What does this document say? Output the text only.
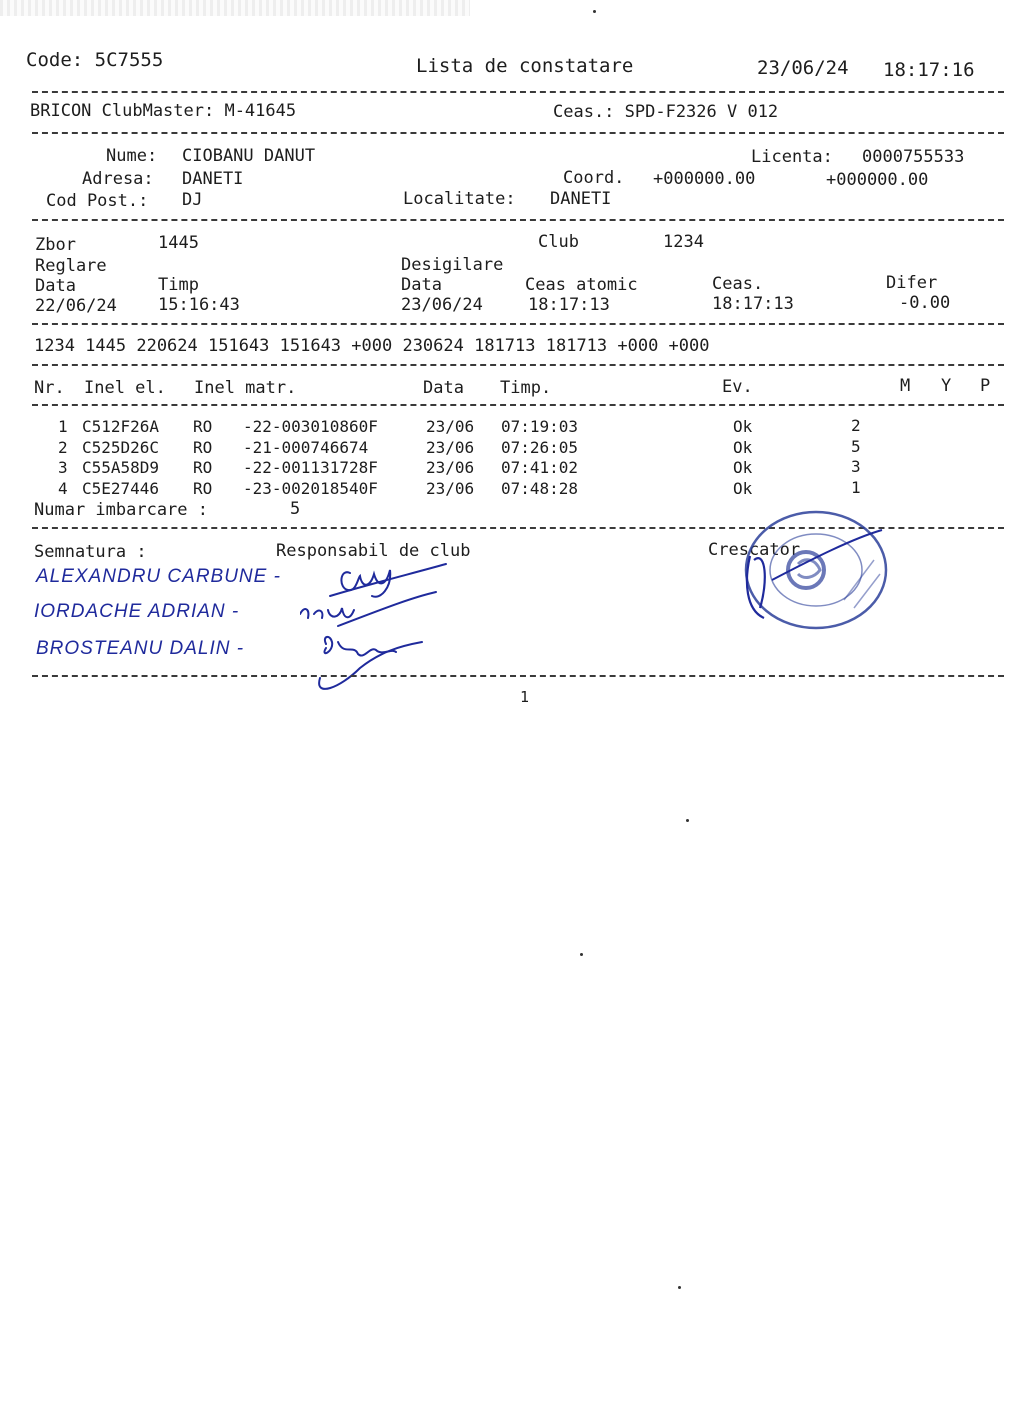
Code: 5C7555	Lista de constatare	23/06/24 18:17:16
BRICON ClubMaster: M-41645	Ceas.: SPD-F2326 V 012
Nume: CIOBANU DANUT	Licenta: 0000755533
Adresa: DANETI	Coord. +000000.00	+000000.00
Cod Post.: DJ	Localitate: DANETI
Zbor	1445	Club	1234
Reglare	Desigilare
Data	Timp	Data	Ceas atomic	Ceas.	Difer
22/06/24 15:16:43	23/06/24	18:17:13	18:17:13	-0.00
1234 1445 220624 151643 151643 +000 230624 181713 181713 +000 +000
Nr. Inel el. Inel matr.	Data Timp.	Ev.	M Y P
1 C512F26A RO -22-003010860F	23/06 07:19:03	Ok	2
2 C525D26C RO -21-000746674	23/06 07:26:05	Ok	5
3 C55A58D9 RO -22-001131728F	23/06 07:41:02	Ok	3
4 C5E27446 RO -23-002018540F	23/06 07:48:28	Ok	1
Numar imbarcare :	5
Semnatura :	Responsabil de club	Crescator
ALEXANDRU CARBUNE -
IORDACHE ADRIAN -
BROSTEANU DALIN -
1
